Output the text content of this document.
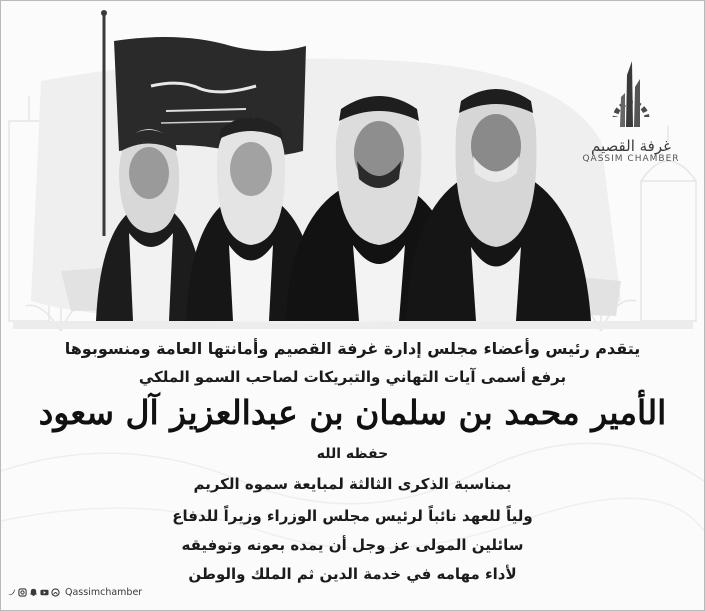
غرفة القصيم
QASSIM CHAMBER
يتقدم رئيس وأعضاء مجلس إدارة غرفة القصيم وأمانتها العامة ومنسوبوها
برفع أسمى آيات التهاني والتبريكات لصاحب السمو الملكي
الأمير محمد بن سلمان بن عبدالعزيز آل سعود
حفظه الله
بمناسبة الذكرى الثالثة لمبايعة سموه الكريم
ولياً للعهد نائباً لرئيس مجلس الوزراء وزيراً للدفاع
سائلين المولى عز وجل أن يمده بعونه وتوفيقه
لأداء مهامه في خدمة الدين ثم الملك والوطن
Qassimchamber
